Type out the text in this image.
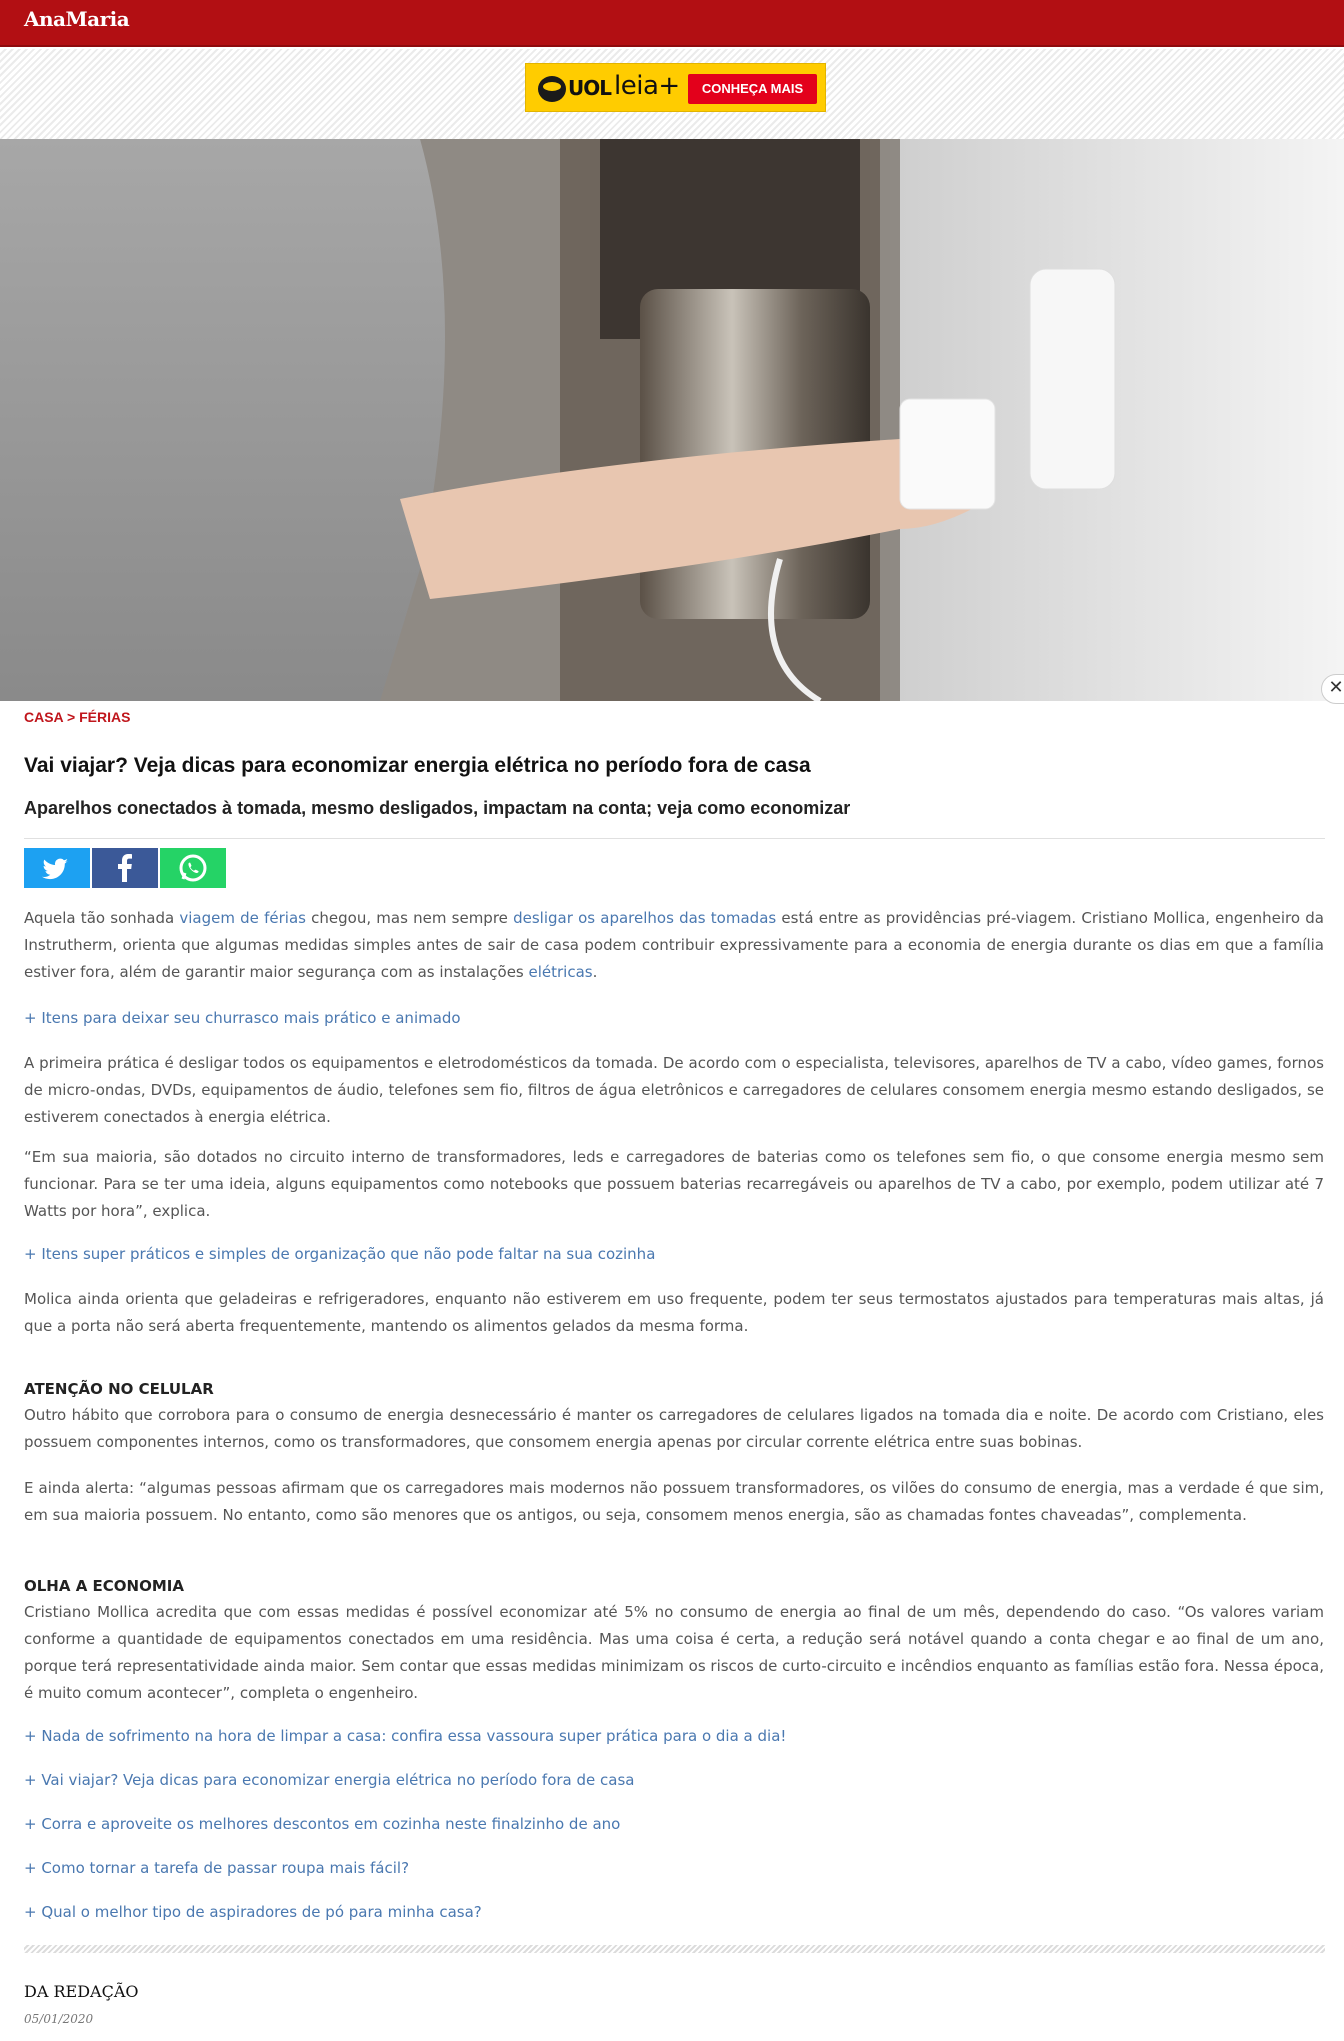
AnaMaria
UOL leia+	CONHEÇA MAIS
✕
CASA > FÉRIAS
Vai viajar? Veja dicas para economizar energia elétrica no período fora de casa
Aparelhos conectados à tomada, mesmo desligados, impactam na conta; veja como economizar
Aquela tão sonhada viagem de férias chegou, mas nem sempre desligar os aparelhos das tomadas está entre as providências pré-viagem. Cristiano Mollica, engenheiro da Instrutherm, orienta que algumas medidas simples antes de sair de casa podem contribuir expressivamente para a economia de energia durante os dias em que a família estiver fora, além de garantir maior segurança com as instalações elétricas.
+ Itens para deixar seu churrasco mais prático e animado
A primeira prática é desligar todos os equipamentos e eletrodomésticos da tomada. De acordo com o especialista, televisores, aparelhos de TV a cabo, vídeo games, fornos de micro-ondas, DVDs, equipamentos de áudio, telefones sem fio, filtros de água eletrônicos e carregadores de celulares consomem energia mesmo estando desligados, se estiverem conectados à energia elétrica.
“Em sua maioria, são dotados no circuito interno de transformadores, leds e carregadores de baterias como os telefones sem fio, o que consome energia mesmo sem funcionar. Para se ter uma ideia, alguns equipamentos como notebooks que possuem baterias recarregáveis ou aparelhos de TV a cabo, por exemplo, podem utilizar até 7 Watts por hora”, explica.
+ Itens super práticos e simples de organização que não pode faltar na sua cozinha
Molica ainda orienta que geladeiras e refrigeradores, enquanto não estiverem em uso frequente, podem ter seus termostatos ajustados para temperaturas mais altas, já que a porta não será aberta frequentemente, mantendo os alimentos gelados da mesma forma.
ATENÇÃO NO CELULAR
Outro hábito que corrobora para o consumo de energia desnecessário é manter os carregadores de celulares ligados na tomada dia e noite. De acordo com Cristiano, eles possuem componentes internos, como os transformadores, que consomem energia apenas por circular corrente elétrica entre suas bobinas.
E ainda alerta: “algumas pessoas afirmam que os carregadores mais modernos não possuem transformadores, os vilões do consumo de energia, mas a verdade é que sim, em sua maioria possuem. No entanto, como são menores que os antigos, ou seja, consomem menos energia, são as chamadas fontes chaveadas”, complementa.
OLHA A ECONOMIA
Cristiano Mollica acredita que com essas medidas é possível economizar até 5% no consumo de energia ao final de um mês, dependendo do caso. “Os valores variam conforme a quantidade de equipamentos conectados em uma residência. Mas uma coisa é certa, a redução será notável quando a conta chegar e ao final de um ano, porque terá representatividade ainda maior. Sem contar que essas medidas minimizam os riscos de curto-circuito e incêndios enquanto as famílias estão fora. Nessa época, é muito comum acontecer”, completa o engenheiro.
+ Nada de sofrimento na hora de limpar a casa: confira essa vassoura super prática para o dia a dia!
+ Vai viajar? Veja dicas para economizar energia elétrica no período fora de casa
+ Corra e aproveite os melhores descontos em cozinha neste finalzinho de ano
+ Como tornar a tarefa de passar roupa mais fácil?
+ Qual o melhor tipo de aspiradores de pó para minha casa?
DA REDAÇÃO
05/01/2020
